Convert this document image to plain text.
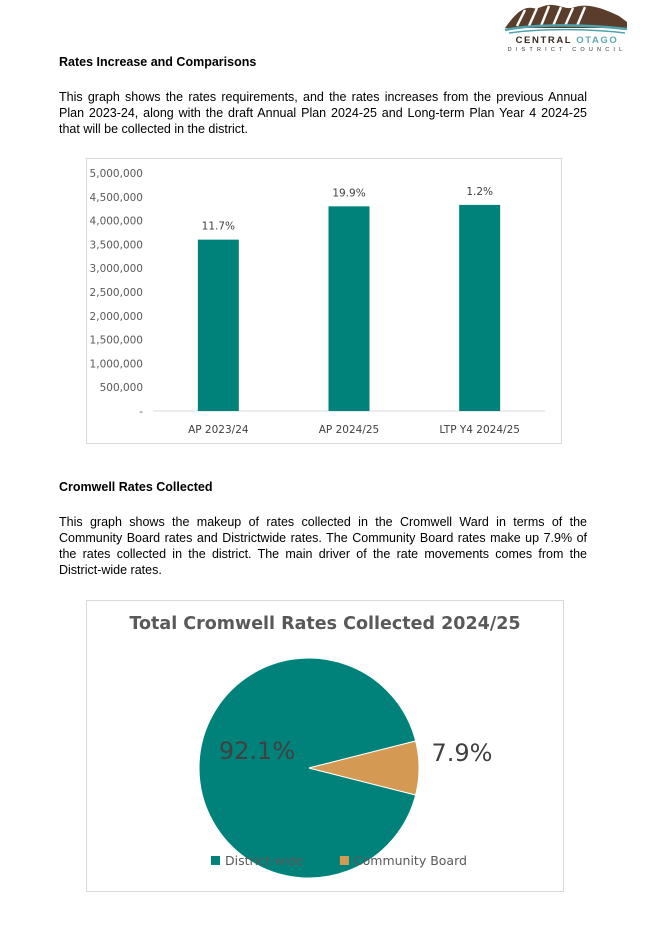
CENTRAL OTAGO
DISTRICT COUNCIL
Rates Increase and Comparisons

This graph shows the rates requirements, and the rates increases from the previous Annual Plan 2023-24, along with the draft Annual Plan 2024-25 and Long-term Plan Year 4 2024-25 that will be collected in the district.

-
500,000
1,000,000
1,500,000
2,000,000
2,500,000
3,000,000
3,500,000
4,000,000
4,500,000
5,000,000
11.7%
AP 2023/24
19.9%
AP 2024/25
1.2%
LTP Y4 2024/25
Cromwell Rates Collected

This graph shows the makeup of rates collected in the Cromwell Ward in terms of the Community Board rates and Districtwide rates. The Community Board rates make up 7.9% of the rates collected in the district. The main driver of the rate movements comes from the District-wide rates.

Total Cromwell Rates Collected 2024/25
92.1%	7.9%
District-wide	Community Board
